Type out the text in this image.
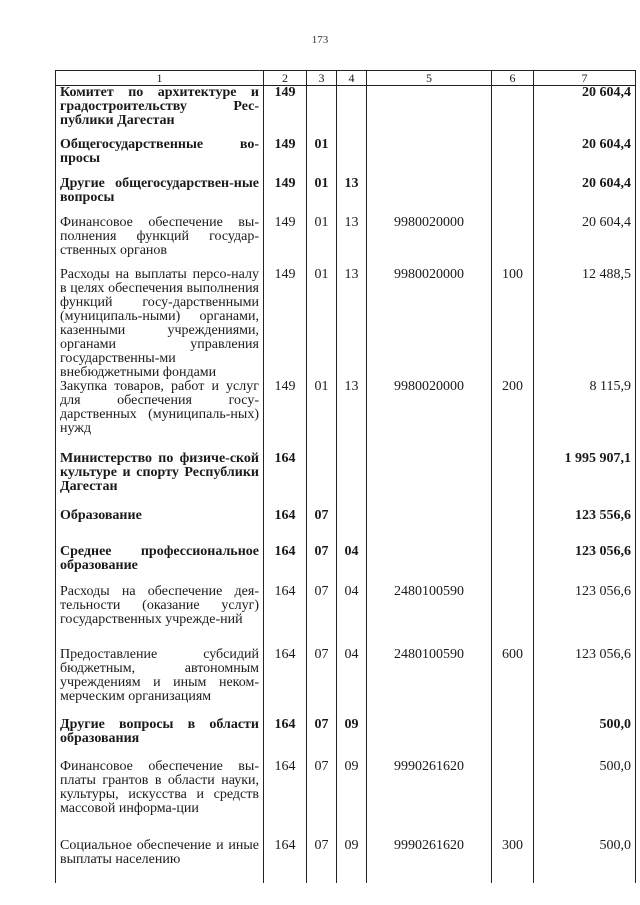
173
1	2	3	4	5	6	7
Комитет по архитектуре и градостроительству Рес-публики Дагестан	149					20 604,4
Общегосударственные во-просы	149	01				20 604,4
Другие общегосударствен-ные вопросы	149	01	13			20 604,4
Финансовое обеспечение вы-полнения функций государ-ственных органов	149	01	13	9980020000		20 604,4
Расходы на выплаты персо-налу в целях обеспечения выполнения функций госу-дарственными (муниципаль-ными) органами, казенными учреждениями, органами управления государственны-ми внебюджетными фондами	149	01	13	9980020000	100	12 488,5
Закупка товаров, работ и услуг для обеспечения госу-дарственных (муниципаль-ных) нужд	149	01	13	9980020000	200	8 115,9
Министерство по физиче-ской культуре и спорту Республики Дагестан	164					1 995 907,1
Образование	164	07				123 556,6
Среднее профессиональное образование	164	07	04			123 056,6
Расходы на обеспечение дея-тельности (оказание услуг) государственных учрежде-ний	164	07	04	2480100590		123 056,6
Предоставление субсидий бюджетным, автономным учреждениям и иным неком-мерческим организациям	164	07	04	2480100590	600	123 056,6
Другие вопросы в области образования	164	07	09			500,0
Финансовое обеспечение вы-платы грантов в области науки, культуры, искусства и средств массовой информа-ции	164	07	09	9990261620		500,0
Социальное обеспечение и иные выплаты населению	164	07	09	9990261620	300	500,0
